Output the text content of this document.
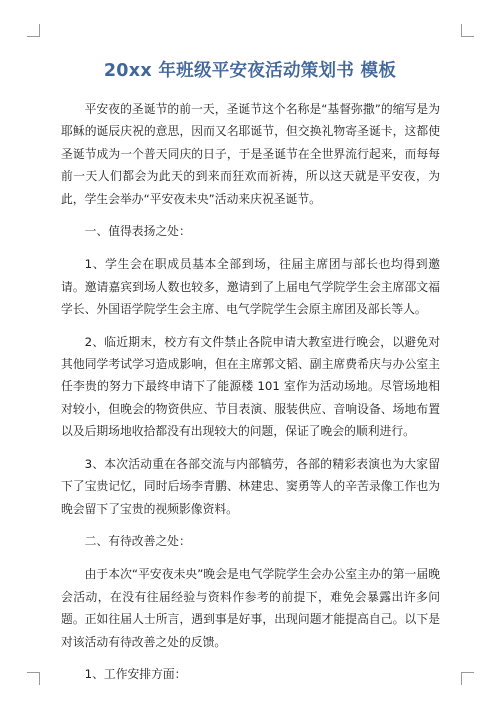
20xx 年班级平安夜活动策划书 模板

平安夜的圣诞节的前一天，圣诞节这个名称是“基督弥撒”的缩写是为耶稣的诞辰庆祝的意思，因而又名耶诞节，但交换礼物寄圣诞卡，这都使圣诞节成为一个普天同庆的日子，于是圣诞节在全世界流行起来，而每每前一天人们都会为此天的到来而狂欢而祈祷，所以这天就是平安夜，为此，学生会举办“平安夜未央”活动来庆祝圣诞节。

一、值得表扬之处：

1、学生会在职成员基本全部到场，往届主席团与部长也均得到邀请。邀请嘉宾到场人数也较多，邀请到了上届电气学院学生会主席邵文福学长、外国语学院学生会主席、电气学院学生会原主席团及部长等人。

2、临近期末，校方有文件禁止各院申请大教室进行晚会，以避免对其他同学考试学习造成影响，但在主席郭文韬、副主席费希庆与办公室主任李贵的努力下最终申请下了能源楼 101 室作为活动场地。尽管场地相对较小，但晚会的物资供应、节目表演、服装供应、音响设备、场地布置以及后期场地收拾都没有出现较大的问题，保证了晚会的顺利进行。

3、本次活动重在各部交流与内部犒劳，各部的精彩表演也为大家留下了宝贵记忆，同时后场李青鹏、林建忠、窦勇等人的辛苦录像工作也为晚会留下了宝贵的视频影像资料。

二、有待改善之处：

由于本次“平安夜未央”晚会是电气学院学生会办公室主办的第一届晚会活动，在没有往届经验与资料作参考的前提下，难免会暴露出许多问题。正如往届人士所言，遇到事是好事，出现问题才能提高自己。以下是对该活动有待改善之处的反馈。

1、工作安排方面：
